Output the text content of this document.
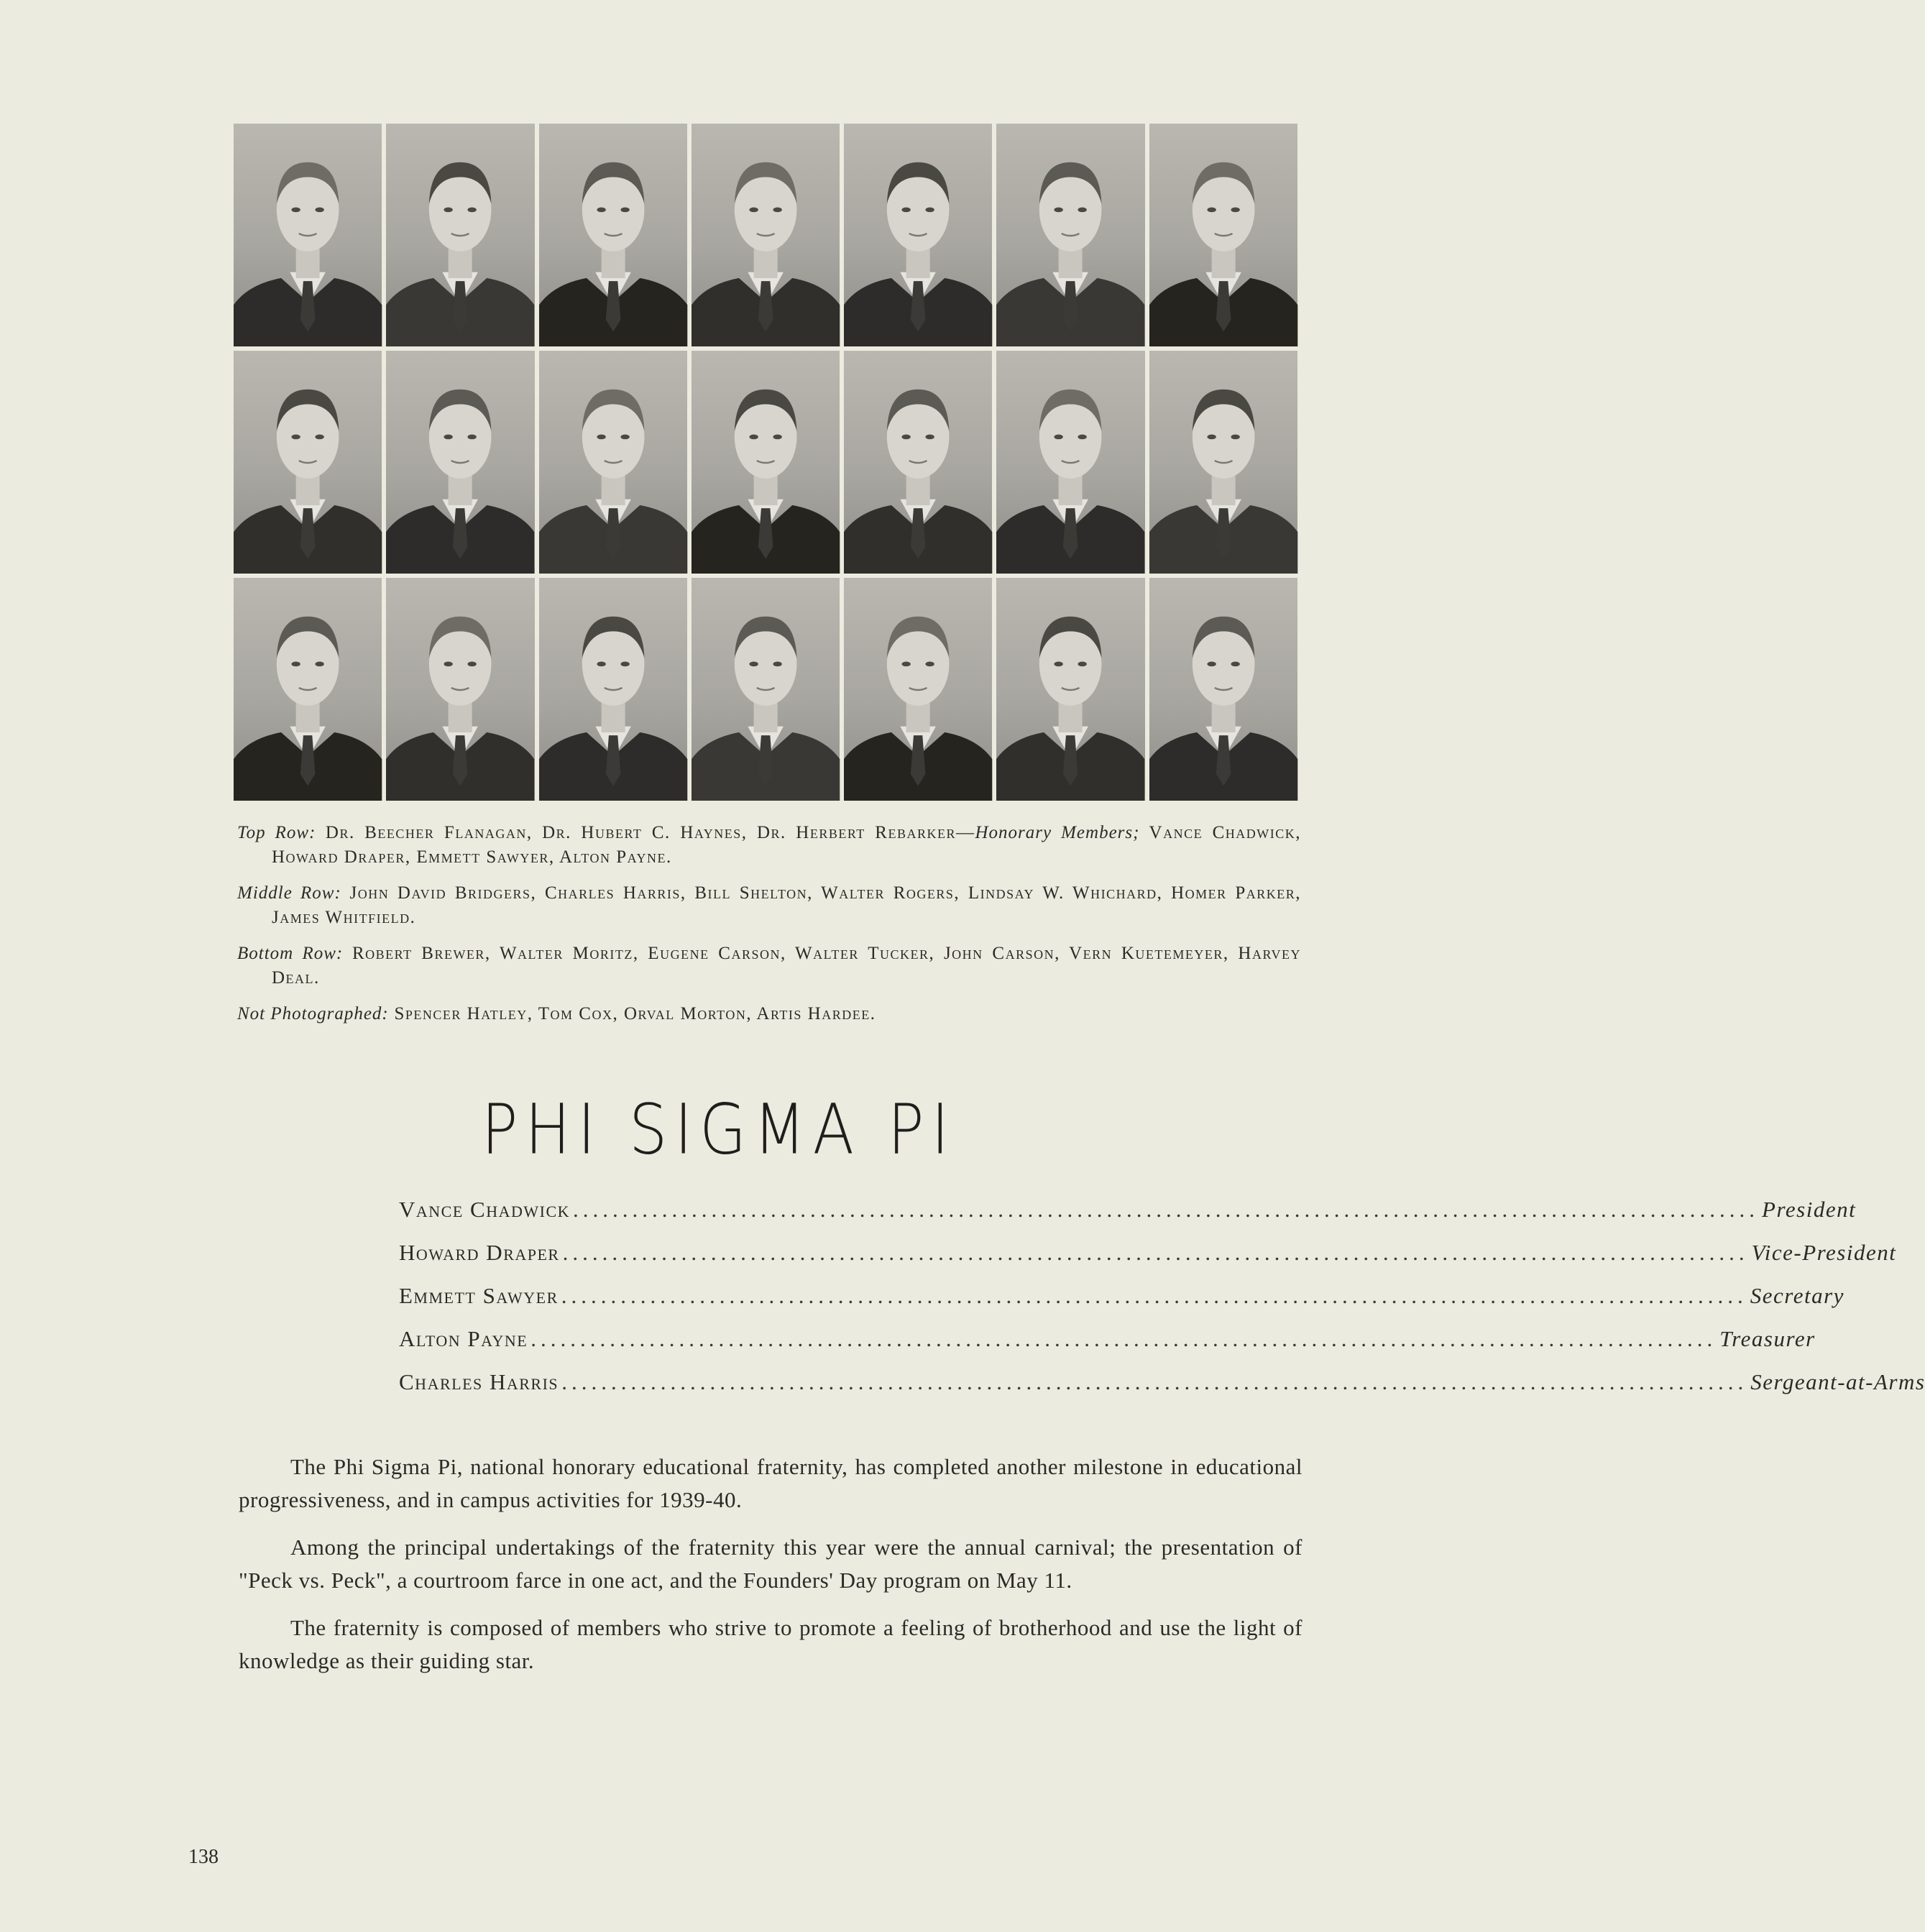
Top Row: Dr. Beecher Flanagan, Dr. Hubert C. Haynes, Dr. Herbert Rebarker—Honorary Members; Vance Chadwick, Howard Draper, Emmett Sawyer, Alton Payne.

Middle Row: John David Bridgers, Charles Harris, Bill Shelton, Walter Rogers, Lindsay W. Whichard, Homer Parker, James Whitfield.

Bottom Row: Robert Brewer, Walter Moritz, Eugene Carson, Walter Tucker, John Carson, Vern Kuetemeyer, Harvey Deal.

Not Photographed: Spencer Hatley, Tom Cox, Orval Morton, Artis Hardee.

PHI SIGMA PI
Vance Chadwick ........................................................................................................................ President
Howard Draper ........................................................................................................................ Vice-President
Emmett Sawyer ........................................................................................................................ Secretary
Alton Payne ........................................................................................................................ Treasurer
Charles Harris ........................................................................................................................ Sergeant-at-Arms

The Phi Sigma Pi, national honorary educational fraternity, has completed another milestone in educational progressiveness, and in campus activities for 1939-40.

Among the principal undertakings of the fraternity this year were the annual carnival; the presentation of "Peck vs. Peck", a courtroom farce in one act, and the Founders' Day program on May 11.

The fraternity is composed of members who strive to promote a feeling of brotherhood and use the light of knowledge as their guiding star.

138
